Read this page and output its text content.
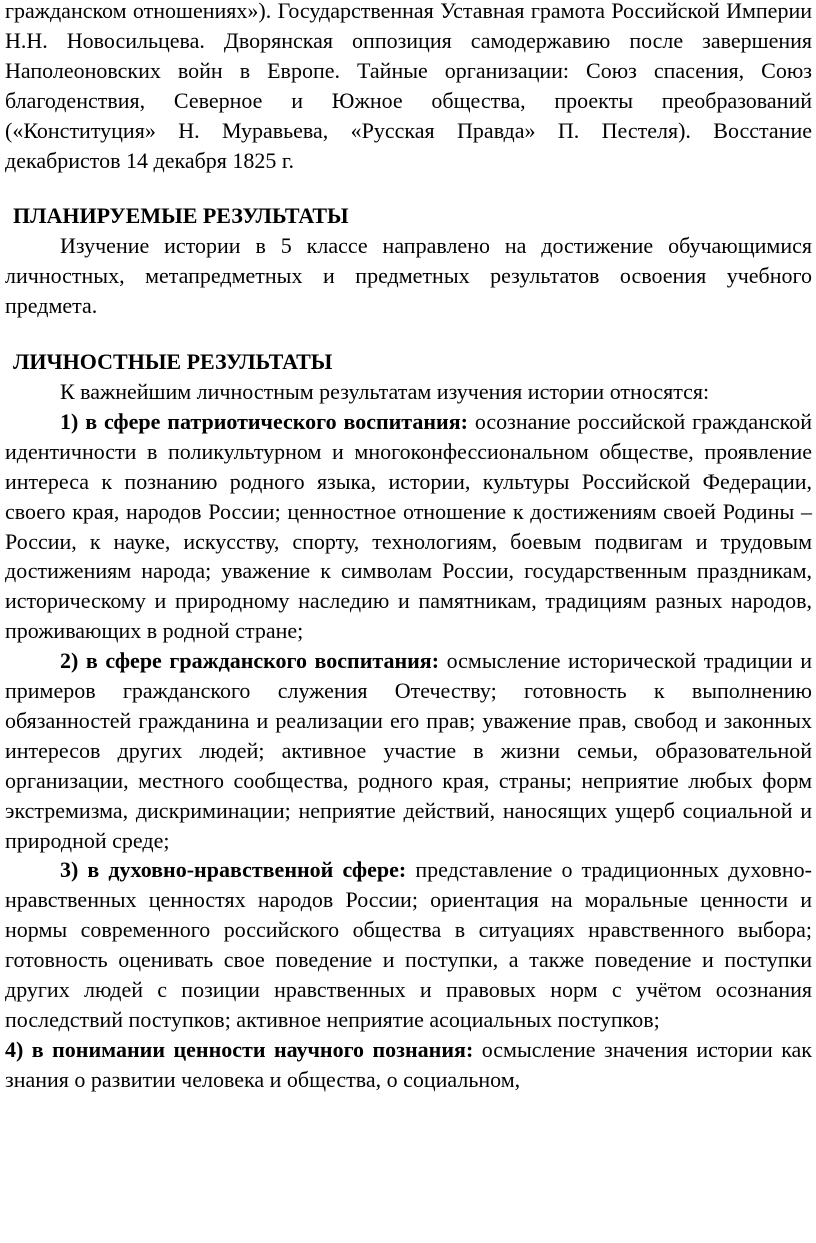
гражданском отношениях»). Государственная Уставная грамота Российской Империи Н.Н. Новосильцева. Дворянская оппозиция самодержавию после завершения Наполеоновских войн в Европе. Тайные организации: Союз спасения, Союз благоденствия, Северное и Южное общества, проекты преобразований («Конституция» Н. Муравьева, «Русская Правда» П. Пестеля). Восстание декабристов 14 декабря 1825 г.

ПЛАНИРУЕМЫЕ РЕЗУЛЬТАТЫ

Изучение истории в 5 классе направлено на достижение обучающимися личностных, метапредметных и предметных результатов освоения учебного предмета.

ЛИЧНОСТНЫЕ РЕЗУЛЬТАТЫ

К важнейшим личностным результатам изучения истории относятся:

1) в сфере патриотического воспитания: осознание российской гражданской идентичности в поликультурном и многоконфессиональном обществе, проявление интереса к познанию родного языка, истории, культуры Российской Федерации, своего края, народов России; ценностное отношение к достижениям своей Родины – России, к науке, искусству, спорту, технологиям, боевым подвигам и трудовым достижениям народа; уважение к символам России, государственным праздникам, историческому и природному наследию и памятникам, традициям разных народов, проживающих в родной стране;

2) в сфере гражданского воспитания: осмысление исторической традиции и примеров гражданского служения Отечеству; готовность к выполнению обязанностей гражданина и реализации его прав; уважение прав, свобод и законных интересов других людей; активное участие в жизни семьи, образовательной организации, местного сообщества, родного края, страны; неприятие любых форм экстремизма, дискриминации; неприятие действий, наносящих ущерб социальной и природной среде;

3) в духовно-нравственной сфере: представление о традиционных духовно-нравственных ценностях народов России; ориентация на моральные ценности и нормы современного российского общества в ситуациях нравственного выбора; готовность оценивать свое поведение и поступки, а также поведение и поступки других людей с позиции нравственных и правовых норм с учётом осознания последствий поступков; активное неприятие асоциальных поступков;

4) в понимании ценности научного познания: осмысление значения истории как знания о развитии человека и общества, о социальном,
